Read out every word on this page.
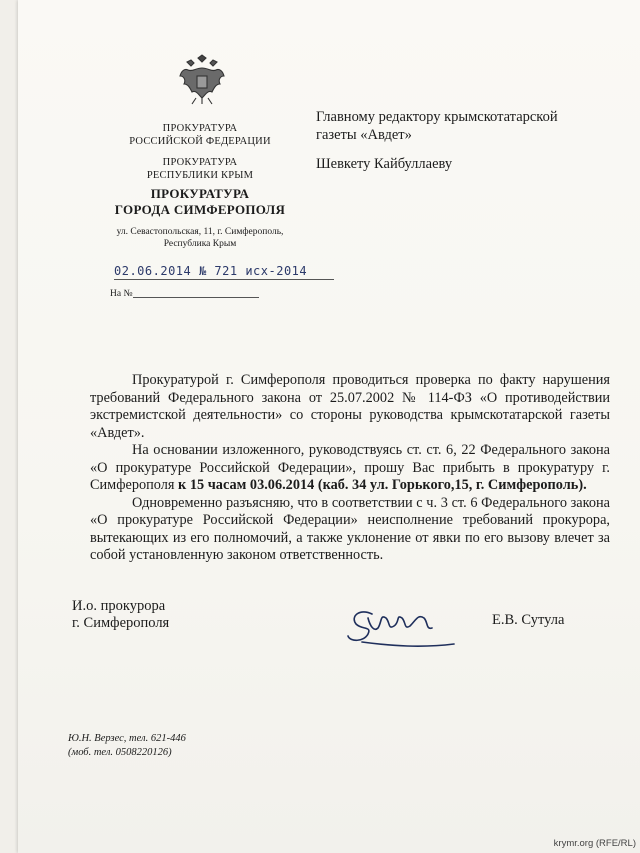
ПРОКУРАТУРА
РОССИЙСКОЙ ФЕДЕРАЦИИ
ПРОКУРАТУРА
РЕСПУБЛИКИ КРЫМ
ПРОКУРАТУРА
ГОРОДА СИМФЕРОПОЛЯ
ул. Севастопольская, 11, г. Симферополь,
Республика Крым
02.06.2014 № 721 исх-2014
На №
Главному редактору крымскотатарской
газеты «Авдет»
Шевкету Кайбуллаеву

Прокуратурой г. Симферополя проводиться проверка по факту нарушения требований Федерального закона от 25.07.2002 № 114-ФЗ «О противодействии экстремистской деятельности» со стороны руководства крымскотатарской газеты «Авдет».

На основании изложенного, руководствуясь ст. ст. 6, 22 Федерального закона «О прокуратуре Российской Федерации», прошу Вас прибыть в прокуратуру г. Симферополя к 15 часам 03.06.2014 (каб. 34 ул. Горького,15, г. Симферополь).

Одновременно разъясняю, что в соответствии с ч. 3 ст. 6 Федерального закона «О прокуратуре Российской Федерации» неисполнение требований прокурора, вытекающих из его полномочий, а также уклонение от явки по его вызову влечет за собой установленную законом ответственность.

И.о. прокурора
г. Симферополя	Е.В. Сутула
Ю.Н. Верзес, тел. 621-446
(моб. тел. 0508220126)
krymr.org (RFE/RL)
